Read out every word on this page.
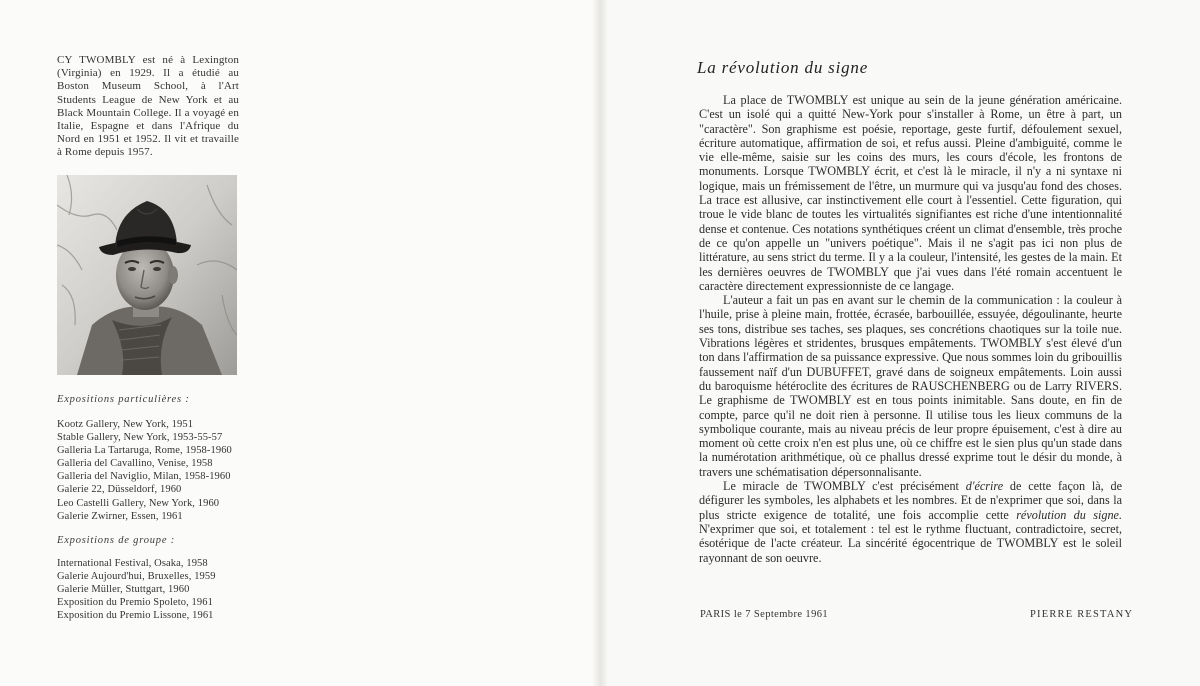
CY TWOMBLY est né à Lexington (Virginia) en 1929. Il a étudié au Boston Museum School, à l'Art Students League de New York et au Black Mountain College. Il a voyagé en Italie, Espagne et dans l'Afrique du Nord en 1951 et 1952. Il vit et travaille à Rome depuis 1957.

Expositions particulières :

Kootz Gallery, New York, 1951
Stable Gallery, New York, 1953-55-57
Galleria La Tartaruga, Rome, 1958-1960
Galleria del Cavallino, Venise, 1958
Galleria del Naviglio, Milan, 1958-1960
Galerie 22, Düsseldorf, 1960
Leo Castelli Gallery, New York, 1960
Galerie Zwirner, Essen, 1961

Expositions de groupe :

International Festival, Osaka, 1958
Galerie Aujourd'hui, Bruxelles, 1959
Galerie Müller, Stuttgart, 1960
Exposition du Premio Spoleto, 1961
Exposition du Premio Lissone, 1961
La révolution du signe

La place de TWOMBLY est unique au sein de la jeune génération américaine. C'est un isolé qui a quitté New-York pour s'installer à Rome, un être à part, un "caractère". Son graphisme est poésie, reportage, geste furtif, défoulement sexuel, écriture automatique, affirmation de soi, et refus aussi. Pleine d'ambiguité, comme le vie elle-même, saisie sur les coins des murs, les cours d'école, les frontons de monuments. Lorsque TWOMBLY écrit, et c'est là le miracle, il n'y a ni syntaxe ni logique, mais un frémissement de l'être, un murmure qui va jusqu'au fond des choses. La trace est allusive, car instinctivement elle court à l'essentiel. Cette figuration, qui troue le vide blanc de toutes les virtualités signifiantes est riche d'une intentionnalité dense et contenue. Ces notations synthétiques créent un climat d'ensemble, très proche de ce qu'on appelle un "univers poétique". Mais il ne s'agit pas ici non plus de littérature, au sens strict du terme. Il y a la couleur, l'intensité, les gestes de la main. Et les dernières oeuvres de TWOMBLY que j'ai vues dans l'été romain accentuent le caractère directement expressionniste de ce langage.

L'auteur a fait un pas en avant sur le chemin de la communication : la couleur à l'huile, prise à pleine main, frottée, écrasée, barbouillée, essuyée, dégoulinante, heurte ses tons, distribue ses taches, ses plaques, ses concrétions chaotiques sur la toile nue. Vibrations légères et stridentes, brusques empâtements. TWOMBLY s'est élevé d'un ton dans l'affirmation de sa puissance expressive. Que nous sommes loin du gribouillis faussement naïf d'un DUBUFFET, gravé dans de soigneux empâtements. Loin aussi du baroquisme hétéroclite des écritures de RAUSCHENBERG ou de Larry RIVERS. Le graphisme de TWOMBLY est en tous points inimitable. Sans doute, en fin de compte, parce qu'il ne doit rien à personne. Il utilise tous les lieux communs de la symbolique courante, mais au niveau précis de leur propre épuisement, c'est à dire au moment où cette croix n'en est plus une, où ce chiffre est le sien plus qu'un stade dans la numérotation arithmétique, où ce phallus dressé exprime tout le désir du monde, à travers une schématisation dépersonnalisante.

Le miracle de TWOMBLY c'est précisément d'écrire de cette façon là, de défigurer les symboles, les alphabets et les nombres. Et de n'exprimer que soi, dans la plus stricte exigence de totalité, une fois accomplie cette révolution du signe. N'exprimer que soi, et totalement : tel est le rythme fluctuant, contradictoire, secret, ésotérique de l'acte créateur. La sincérité égocentrique de TWOMBLY est le soleil rayonnant de son oeuvre.

PARIS le 7 Septembre 1961	PIERRE RESTANY
